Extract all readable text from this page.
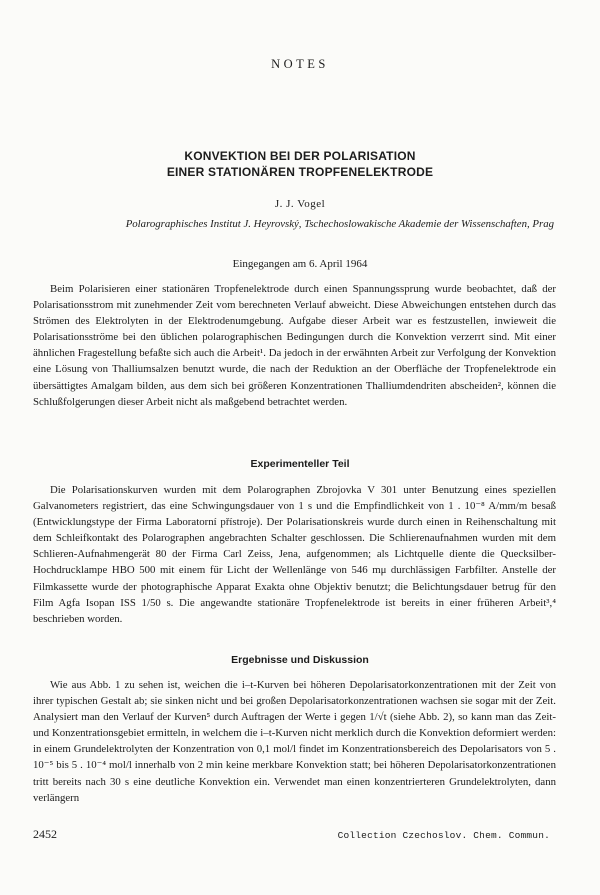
NOTES
KONVEKTION BEI DER POLARISATION
EINER STATIONÄREN TROPFENELEKTRODE
J. J. Vogel
Polarographisches Institut J. Heyrovský, Tschechoslowakische Akademie der Wissenschaften, Prag
Eingegangen am 6. April 1964
Beim Polarisieren einer stationären Tropfenelektrode durch einen Spannungssprung wurde beobachtet, daß der Polarisationsstrom mit zunehmender Zeit vom berechneten Verlauf abweicht. Diese Abweichungen entstehen durch das Strömen des Elektrolyten in der Elektrodenumgebung. Aufgabe dieser Arbeit war es festzustellen, inwieweit die Polarisationsströme bei den üblichen polarographischen Bedingungen durch die Konvektion verzerrt sind. Mit einer ähnlichen Fragestellung befaßte sich auch die Arbeit¹. Da jedoch in der erwähnten Arbeit zur Verfolgung der Konvektion eine Lösung von Thalliumsalzen benutzt wurde, die nach der Reduktion an der Oberfläche der Tropfenelektrode ein übersättigtes Amalgam bilden, aus dem sich bei größeren Konzentrationen Thalliumdendriten abscheiden², können die Schlußfolgerungen dieser Arbeit nicht als maßgebend betrachtet werden.
Experimenteller Teil
Die Polarisationskurven wurden mit dem Polarographen Zbrojovka V 301 unter Benutzung eines speziellen Galvanometers registriert, das eine Schwingungsdauer von 1 s und die Empfindlichkeit von 1 . 10⁻⁸ A/mm/m besaß (Entwicklungstype der Firma Laboratorní přístroje). Der Polarisationskreis wurde durch einen in Reihenschaltung mit dem Schleifkontakt des Polarographen angebrachten Schalter geschlossen. Die Schlierenaufnahmen wurden mit dem Schlieren-Aufnahmengerät 80 der Firma Carl Zeiss, Jena, aufgenommen; als Lichtquelle diente die Quecksilber-Hochdrucklampe HBO 500 mit einem für Licht der Wellenlänge von 546 mμ durchlässigen Farbfilter. Anstelle der Filmkassette wurde der photographische Apparat Exakta ohne Objektiv benutzt; die Belichtungsdauer betrug für den Film Agfa Isopan ISS 1/50 s. Die angewandte stationäre Tropfenelektrode ist bereits in einer früheren Arbeit³,⁴ beschrieben worden.
Ergebnisse und Diskussion
Wie aus Abb. 1 zu sehen ist, weichen die i–t-Kurven bei höheren Depolarisatorkonzentrationen mit der Zeit von ihrer typischen Gestalt ab; sie sinken nicht und bei großen Depolarisatorkonzentrationen wachsen sie sogar mit der Zeit. Analysiert man den Verlauf der Kurven⁵ durch Auftragen der Werte i gegen 1/√t (siehe Abb. 2), so kann man das Zeit- und Konzentrationsgebiet ermitteln, in welchem die i–t-Kurven nicht merklich durch die Konvektion deformiert werden: in einem Grundelektrolyten der Konzentration von 0,1 mol/l findet im Konzentrationsbereich des Depolarisators von 5 . 10⁻⁵ bis 5 . 10⁻⁴ mol/l innerhalb von 2 min keine merkbare Konvektion statt; bei höheren Depolarisatorkonzentrationen tritt bereits nach 30 s eine deutliche Konvektion ein. Verwendet man einen konzentrierteren Grundelektrolyten, dann verlängern
2452	Collection Czechoslov. Chem. Commun.
